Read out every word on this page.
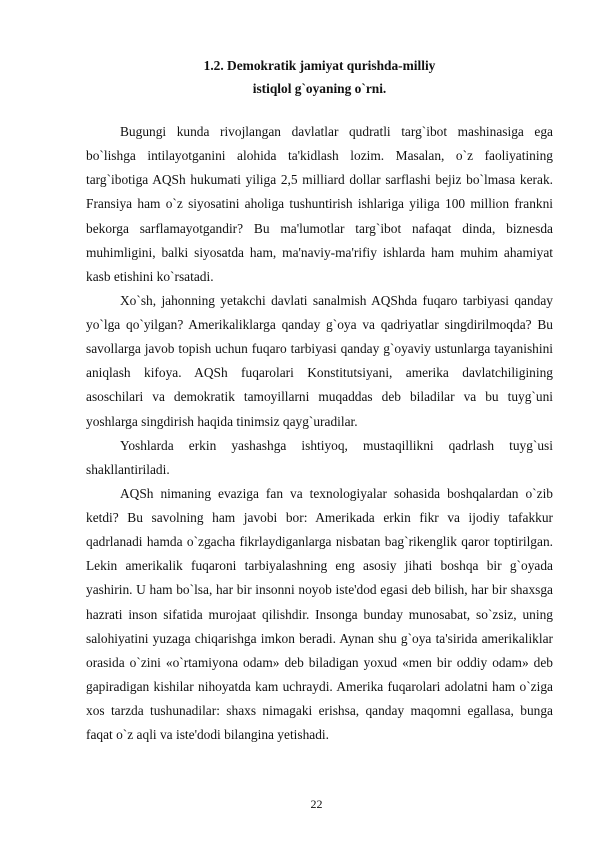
1.2. Demokratik jamiyat qurishda-milliy
istiqlol g`oyaning o`rni.

Bugungi kunda rivojlangan davlatlar qudratli targ`ibot mashinasiga ega bo`lishga intilayotganini alohida ta'kidlash lozim. Masalan, o`z faoliyatining targ`ibotiga AQSh hukumati yiliga 2,5 milliard dollar sarflashi bejiz bo`lmasa kerak. Fransiya ham o`z siyosatini aholiga tushuntirish ishlariga yiliga 100 million frankni bekorga sarflamayotgandir? Bu ma'lumotlar targ`ibot nafaqat dinda, biznesda muhimligini, balki siyosatda ham, ma'naviy-ma'rifiy ishlarda ham muhim ahamiyat kasb etishini ko`rsatadi.

Xo`sh, jahonning yetakchi davlati sanalmish AQShda fuqaro tarbiyasi qanday yo`lga qo`yilgan? Amerikaliklarga qanday g`oya va qadriyatlar singdirilmoqda? Bu savollarga javob topish uchun fuqaro tarbiyasi qanday g`oyaviy ustunlarga tayanishini aniqlash kifoya. AQSh fuqarolari Konstitutsiyani, amerika davlatchiligining asoschilari va demokratik tamoyillarni muqaddas deb biladilar va bu tuyg`uni yoshlarga singdirish haqida tinimsiz qayg`uradilar.

Yoshlarda erkin yashashga ishtiyoq, mustaqillikni qadrlash tuyg`usi shakllantiriladi.

AQSh nimaning evaziga fan va texnologiyalar sohasida boshqalardan o`zib ketdi? Bu savolning ham javobi bor: Amerikada erkin fikr va ijodiy tafakkur qadrlanadi hamda o`zgacha fikrlaydiganlarga nisbatan bag`rikenglik qaror toptirilgan. Lekin amerikalik fuqaroni tarbiyalashning eng asosiy jihati boshqa bir g`oyada yashirin. U ham bo`lsa, har bir insonni noyob iste'dod egasi deb bilish, har bir shaxsga hazrati inson sifatida murojaat qilishdir. Insonga bunday munosabat, so`zsiz, uning salohiyatini yuzaga chiqarishga imkon beradi. Aynan shu g`oya ta'sirida amerikaliklar orasida o`zini «o`rtamiyona odam» deb biladigan yoxud «men bir oddiy odam» deb gapiradigan kishilar nihoyatda kam uchraydi. Amerika fuqarolari adolatni ham o`ziga xos tarzda tushunadilar: shaxs nimagaki erishsa, qanday maqomni egallasa, bunga faqat o`z aqli va iste'dodi bilangina yetishadi.

22
